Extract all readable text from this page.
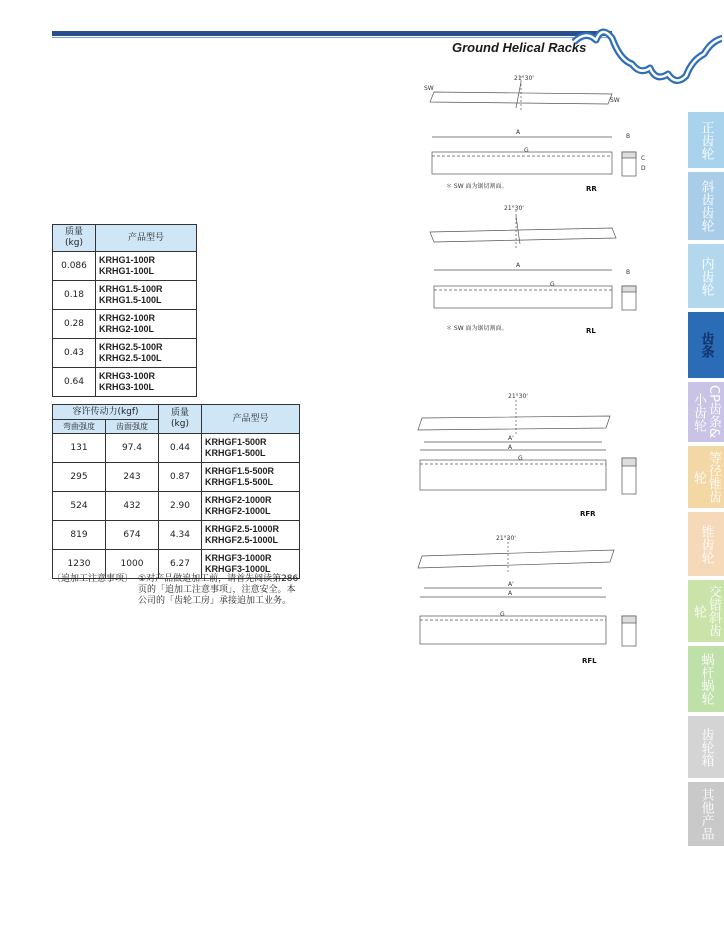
Ground Helical Racks
质量
(kg)	产品型号
0.086	KRHG1-100R
KRHG1-100L

0.18	KRHG1.5-100R
KRHG1.5-100L

0.28	KRHG2-100R
KRHG2-100L

0.43	KRHG2.5-100R
KRHG2.5-100L

0.64	KRHG3-100R
KRHG3-100L
容许传动力(kgf)		质量
(kg)	产品型号
弯曲强度	齿面强度		
131	97.4	0.44	KRHGF1-500R
KRHGF1-500L

295	243	0.87	KRHGF1.5-500R
KRHGF1.5-500L

524	432	2.90	KRHGF2-1000R
KRHGF2-1000L

819	674	4.34	KRHGF2.5-1000R
KRHGF2.5-1000L

1230	1000	6.27	KRHGF3-1000R
KRHGF3-1000L
〔追加工注意事项〕 ①对产品做追加工前，请首先阅读第286页的「追加工注意事项」，注意安全。本公司的「齿轮工房」承接追加工业务。
21°30'
SW
SW
A
G
B
C
D
＊ SW 面为锯切割面。	RR
21°30'
A
G
B
＊ SW 面为锯切割面。	RL
21°30'
A'
A
G
RFR
21°30'
A'
A
G
RFL
正齿轮
斜齿齿轮
内齿轮
齿条
CP齿条&小齿轮
等径锥齿轮
锥齿轮
交错斜齿轮
蜗杆蜗轮
齿轮箱
其他产品
